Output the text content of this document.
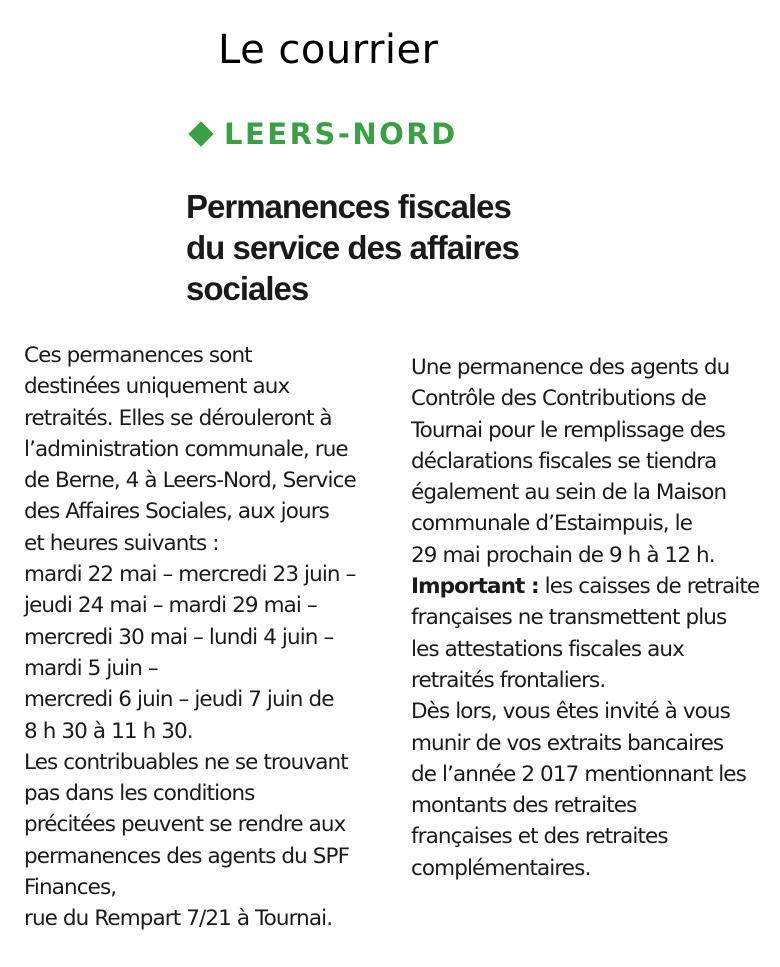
Le courrier
LEERS-NORD
Permanences fiscales
du service des affaires
sociales
Ces permanences sont
destinées uniquement aux
retraités. Elles se dérouleront à
l’administration communale, rue
de Berne, 4 à Leers-Nord, Service
des Affaires Sociales, aux jours
et heures suivants :
mardi 22 mai – mercredi 23 juin –
jeudi 24 mai – mardi 29 mai –
mercredi 30 mai – lundi 4 juin –
mardi 5 juin –
mercredi 6 juin – jeudi 7 juin de
8 h 30 à 11 h 30.
Les contribuables ne se trouvant
pas dans les conditions
précitées peuvent se rendre aux
permanences des agents du SPF
Finances,
rue du Rempart 7/21 à Tournai.
Une permanence des agents du
Contrôle des Contributions de
Tournai pour le remplissage des
déclarations fiscales se tiendra
également au sein de la Maison
communale d’Estaimpuis, le
29 mai prochain de 9 h à 12 h.
Important : les caisses de retraite
françaises ne transmettent plus
les attestations fiscales aux
retraités frontaliers.
Dès lors, vous êtes invité à vous
munir de vos extraits bancaires
de l’année 2 017 mentionnant les
montants des retraites
françaises et des retraites
complémentaires.
